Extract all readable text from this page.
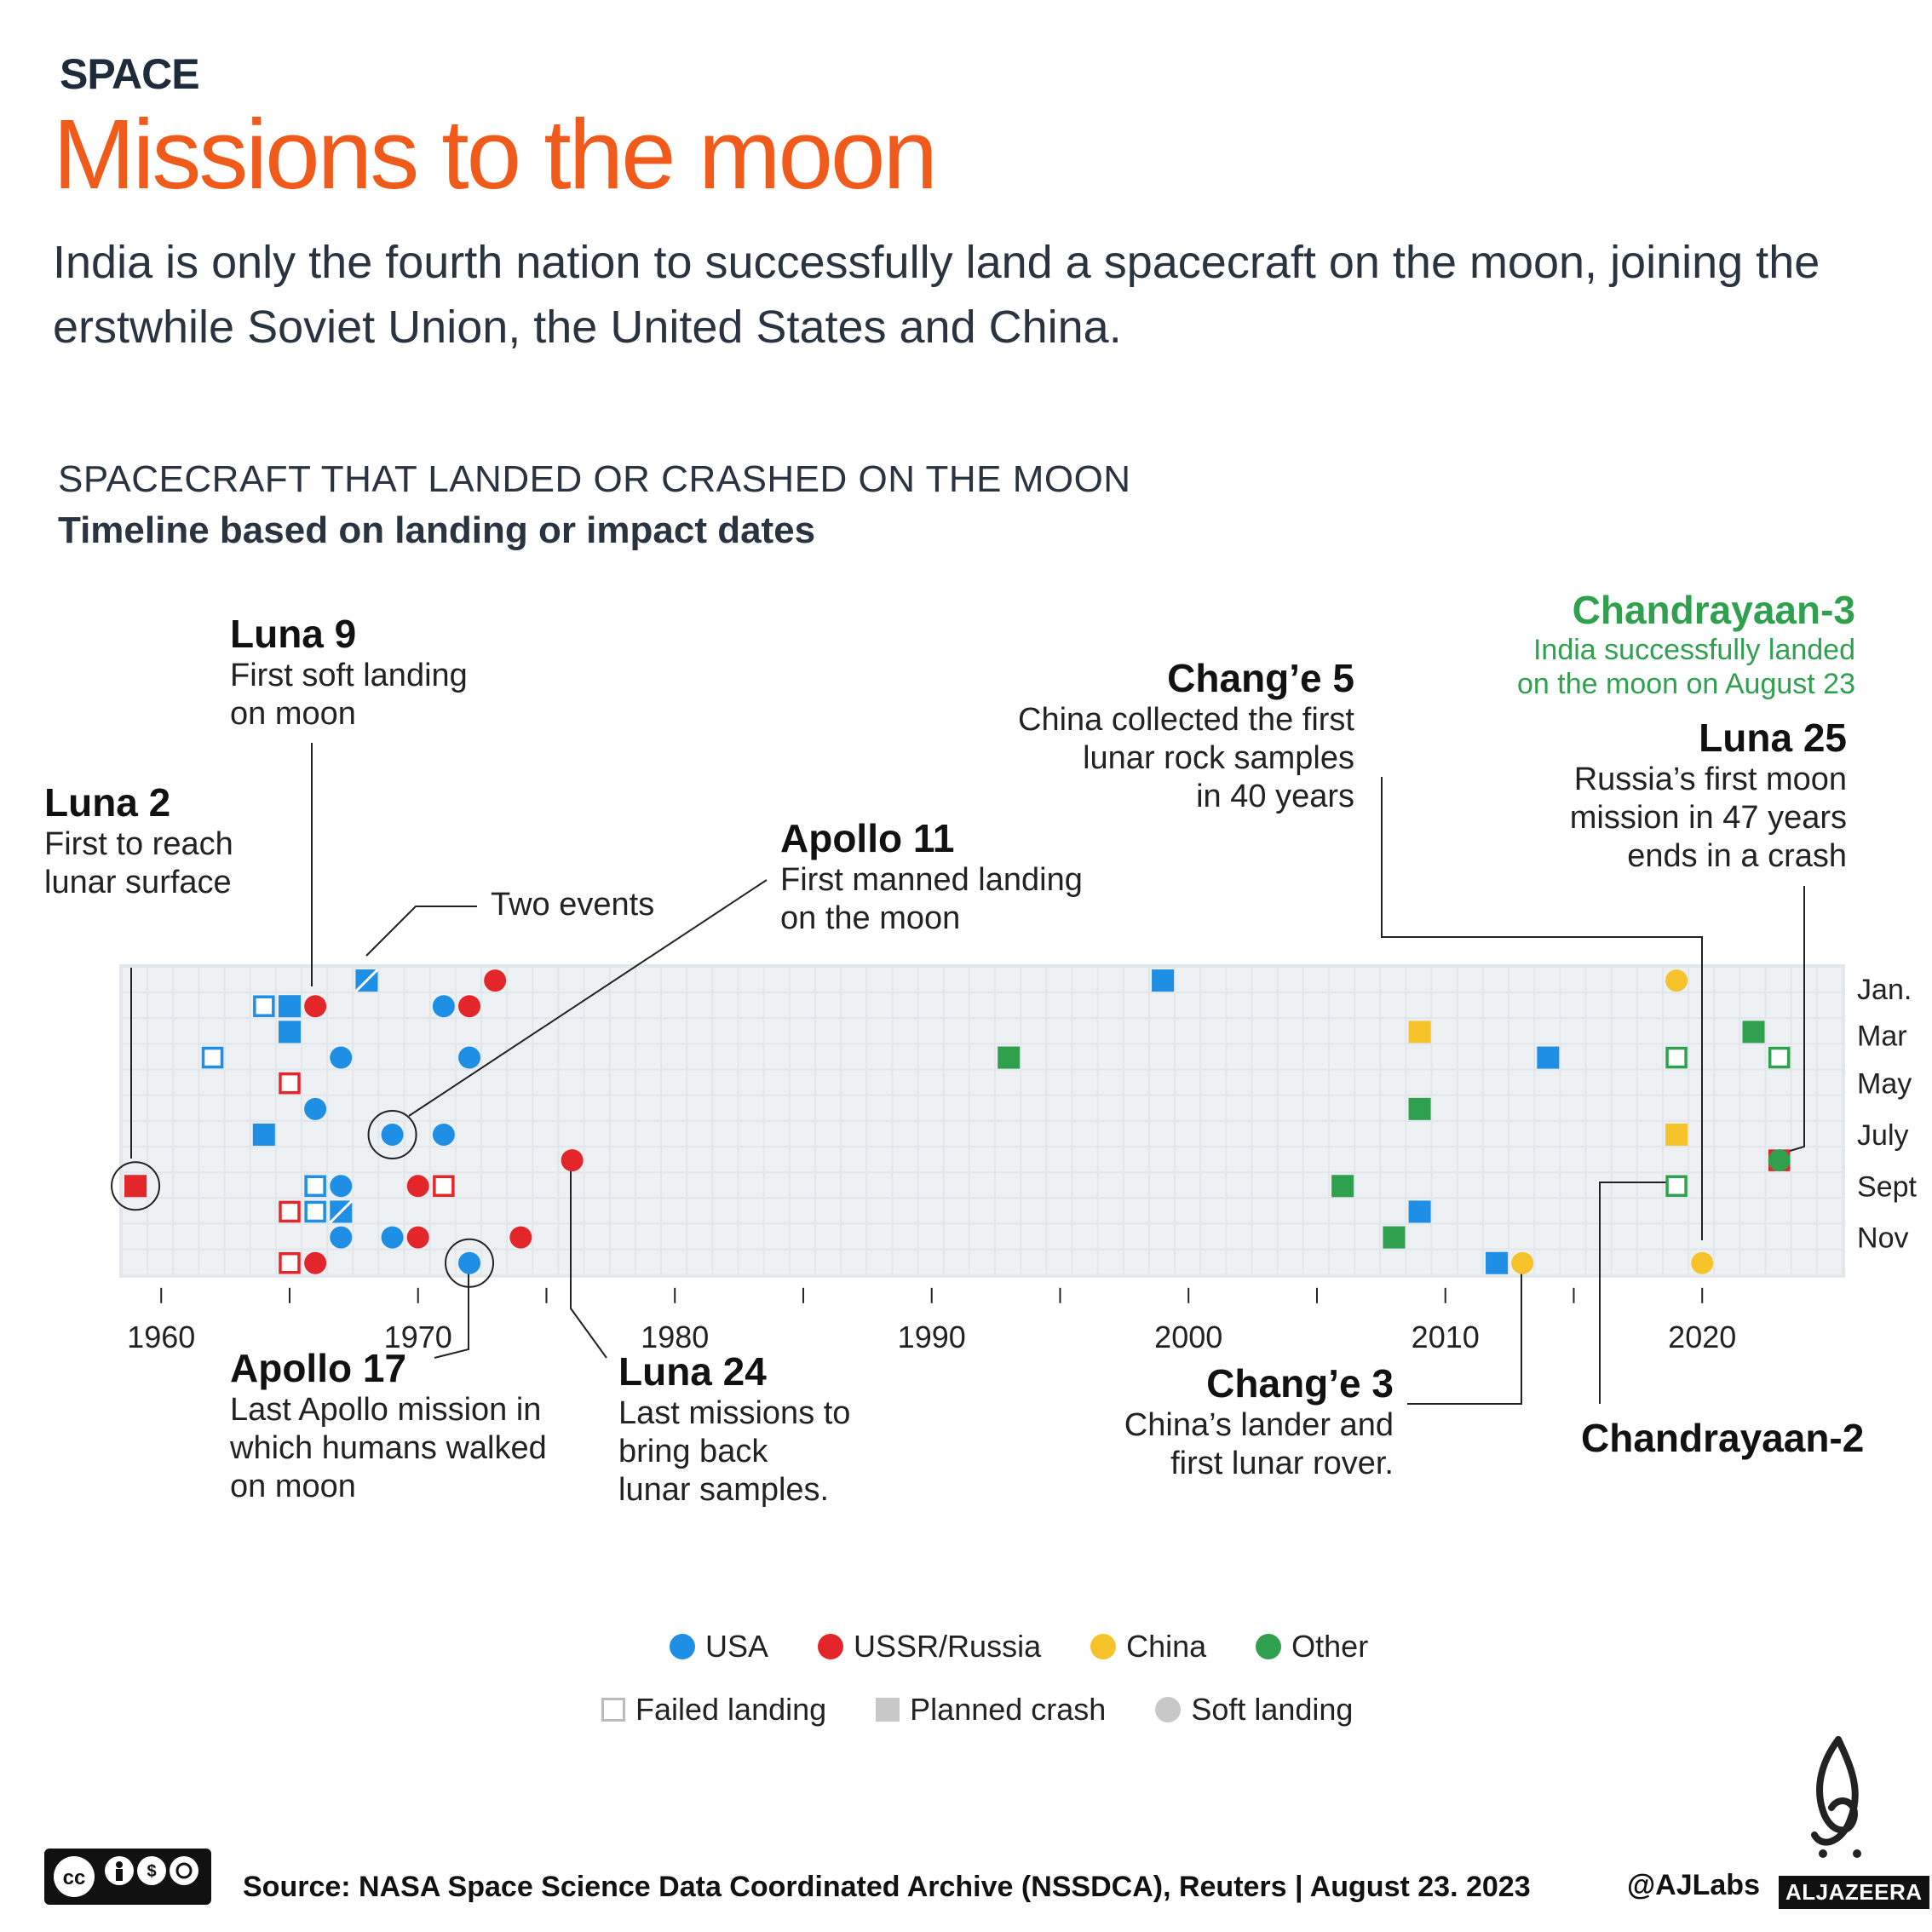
SPACE
Missions to the moon
India is only the fourth nation to successfully land a spacecraft on the moon, joining the erstwhile Soviet Union, the United States and China.
SPACECRAFT THAT LANDED OR CRASHED ON THE MOON
Timeline based on landing or impact dates
1960	1970	1980	1990	2000	2010	2020
Jan.
Mar
May
July
Sept
Nov
Luna 2
First to reach
lunar surface
Luna 9
First soft landing
on moon
Two events
Apollo 11
First manned landing
on the moon
Chang’e 5
China collected the first
lunar rock samples
in 40 years
Chandrayaan-3
India successfully landed
on the moon on August 23
Luna 25
Russia’s first moon
mission in 47 years
ends in a crash
Apollo 17
Last Apollo mission in
which humans walked
on moon
Luna 24
Last missions to
bring back
lunar samples.
Chang’e 3
China’s lander and
first lunar rover.
Chandrayaan-2
USA	USSR/Russia	China	Other
Failed landing	Planned crash	Soft landing
cc	$	Source: NASA Space Science Data Coordinated Archive (NSSDCA), Reuters | August 23. 2023	@AJLabs	ALJAZEERA
